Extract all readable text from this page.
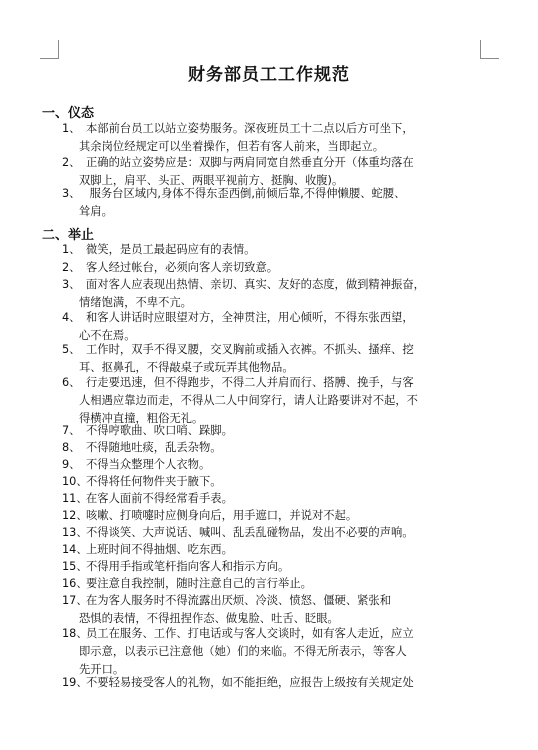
财务部员工工作规范
一、仪态
1、 本部前台员工以站立姿势服务。深夜班员工十二点以后方可坐下，
其余岗位经规定可以坐着操作，但若有客人前来，当即起立。
2、 正确的站立姿势应是：双脚与两肩同宽自然垂直分开（体重均落在
双脚上，肩平、头正、两眼平视前方、挺胸、收腹)。
3、 服务台区域内,身体不得东歪西倒,前倾后靠,不得伸懒腰、蛇腰、
耸肩。
二、举止
1、 微笑，是员工最起码应有的表情。
2、 客人经过帐台，必须向客人亲切致意。
3、 面对客人应表现出热情、亲切、真实、友好的态度，做到精神振奋，
情绪饱满，不卑不亢。
4、 和客人讲话时应眼望对方，全神贯注，用心倾听，不得东张西望，
心不在焉。
5、 工作时，双手不得叉腰，交叉胸前或插入衣裤。不抓头、搔痒、挖
耳、抠鼻孔，不得敲桌子或玩弄其他物品。
6、 行走要迅速，但不得跑步，不得二人并肩而行、搭膊、挽手，与客
人相遇应靠边而走，不得从二人中间穿行，请人让路要讲对不起，不
得横冲直撞，粗俗无礼。
7、 不得哼歌曲、吹口哨、跺脚。
8、 不得随地吐痰，乱丢杂物。
9、 不得当众整理个人衣物。
10、不得将任何物件夹于腋下。
11、在客人面前不得经常看手表。
12、咳嗽、打喷嚏时应侧身向后，用手遮口，并说对不起。
13、不得谈笑、大声说话、喊叫、乱丢乱碰物品，发出不必要的声响。
14、上班时间不得抽烟、吃东西。
15、不得用手指或笔杆指向客人和指示方向。
16、要注意自我控制，随时注意自己的言行举止。
17、在为客人服务时不得流露出厌烦、冷淡、愤怒、僵硬、紧张和
恐惧的表情，不得扭捏作态、做鬼脸、吐舌、眨眼。
18、员工在服务、工作、打电话或与客人交谈时，如有客人走近，应立
即示意，以表示已注意他（她）们的来临。不得无所表示，等客人
先开口。
19、不要轻易接受客人的礼物，如不能拒绝，应报告上级按有关规定处
